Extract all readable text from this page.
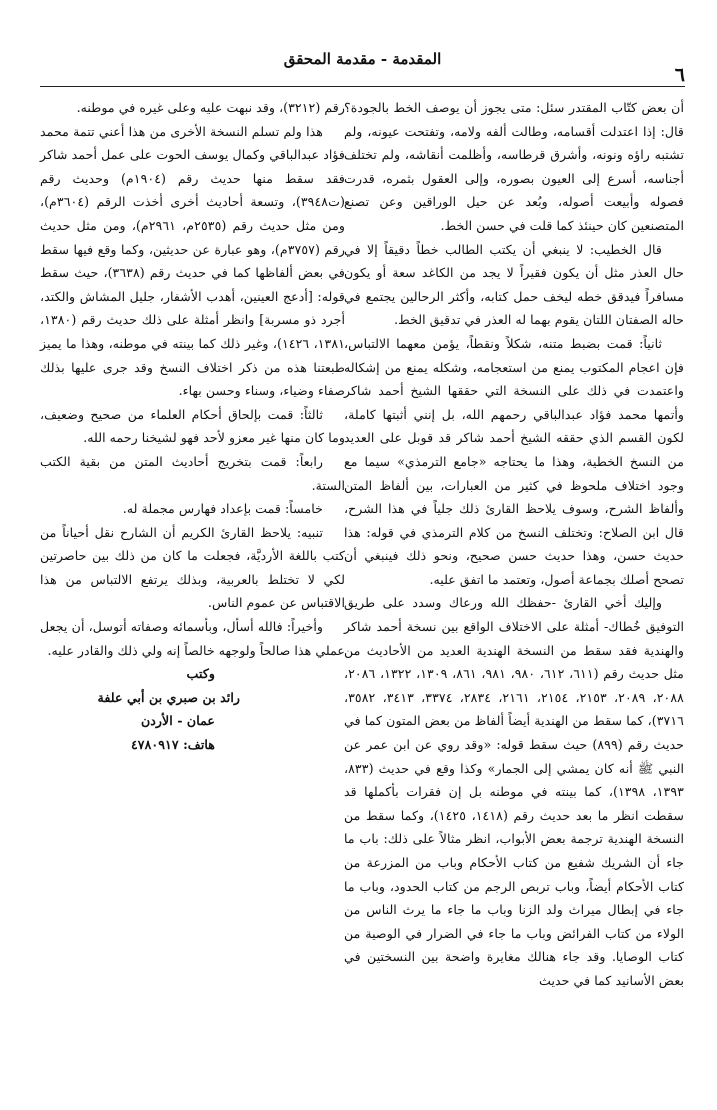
المقدمة - مقدمة المحقق
٦

أن بعض كتّاب المقتدر سئل: متى يجوز أن يوصف الخط بالجودة؟ قال: إذا اعتدلت أقسامه، وطالت ألفه ولامه، وتفتحت عيونه، ولم تشتبه راؤه ونونه، وأشرق قرطاسه، وأظلمت أنقاشه، ولم تختلف أجناسه، أسرع إلى العيون بصوره، وإلى العقول بثمره، قدرت فصوله وأبيعت أصوله، وبُعد عن حيل الوراقين وعن تصنع المتصنعين كان حينئذ كما قلت في حسن الخط.

قال الخطيب: لا ينبغي أن يكتب الطالب خطاً دقيقاً إلا في حال العذر مثل أن يكون فقيراً لا يجد من الكاغد سعة أو يكون مسافراً فيدقق خطه ليخف حمل كتابه، وأكثر الرحالين يجتمع في حاله الصفتان اللتان يقوم بهما له العذر في تدقيق الخط.

ثانياً: قمت بضبط متنه، شكلاً ونقطاً، يؤمن معهما الالتباس، فإن اعجام المكتوب يمنع من استعجامه، وشكله يمنع من إشكاله واعتمدت في ذلك على النسخة التي حققها الشيخ أحمد شاكر وأتمها محمد فؤاد عبدالباقي رحمهم الله، بل إنني أثبتها كاملة، لكون القسم الذي حققه الشيخ أحمد شاكر قد قوبل على العديد من النسخ الخطية، وهذا ما يحتاجه «جامع الترمذي» سيما مع وجود اختلاف ملحوظ في كثير من العبارات، بين ألفاظ المتن وألفاظ الشرح، وسوف يلاحظ القارئ ذلك جلياً في هذا الشرح، قال ابن الصلاح: وتختلف النسخ من كلام الترمذي في قوله: هذا حديث حسن، وهذا حديث حسن صحيح، ونحو ذلك فينبغي أن تصحح أصلك بجماعة أصول، وتعتمد ما اتفق عليه.

وإليك أخي القارئ -حفظك الله ورعاك وسدد على طريق التوفيق خُطاك- أمثلة على الاختلاف الواقع بين نسخة أحمد شاكر والهندية فقد سقط من النسخة الهندية العديد من الأحاديث من مثل حديث رقم (٦١١، ٦١٢، ٩٨٠، ٩٨١، ٨٦١، ١٣٠٩، ١٣٢٢، ٢٠٨٦، ٢٠٨٨، ٢٠٨٩، ٢١٥٣، ٢١٥٤، ٢١٦١، ٢٨٣٤، ٣٣٧٤، ٣٤١٣، ٣٥٨٢، ٣٧١٦)، كما سقط من الهندية أيضاً ألفاظ من بعض المتون كما في حديث رقم (٨٩٩) حيث سقط قوله: «وقد روي عن ابن عمر عن النبي ﷺ أنه كان يمشي إلى الجمار» وكذا وقع في حديث (٨٣٣، ١٣٩٣، ١٣٩٨)، كما بينته في موطنه بل إن فقرات بأكملها قد سقطت انظر ما بعد حديث رقم (١٤١٨، ١٤٢٥)، وكما سقط من النسخة الهندية ترجمة بعض الأبواب، انظر مثالاً على ذلك: باب ما جاء أن الشريك شفيع من كتاب الأحكام وباب من المزرعة من كتاب الأحكام أيضاً، وباب تربص الرجم من كتاب الحدود، وباب ما جاء في إبطال ميراث ولد الزنا وباب ما جاء ما يرث الناس من الولاء من كتاب الفرائض وباب ما جاء في الضرار في الوصية من كتاب الوصايا. وقد جاء هنالك مغايرة واضحة بين النسختين في بعض الأسانيد كما في حديث

رقم (٣٢١٢)، وقد نبهت عليه وعلى غيره في موطنه.

هذا ولم تسلم النسخة الأخرى من هذا أعني تتمة محمد فؤاد عبدالباقي وكمال يوسف الحوت على عمل أحمد شاكر فقد سقط منها حديث رقم (١٩٠٤م) وحديث رقم (ت٣٩٤٨)، وتسعة أحاديث أخرى أخذت الرقم (٣٦٠٤م)، ومن مثل حديث رقم (٢٥٣٥م، ٢٩٦١م)، ومن مثل حديث رقم (٣٧٥٧م)، وهو عبارة عن حديثين، وكما وقع فيها سقط في بعض ألفاظها كما في حديث رقم (٣٦٣٨)، حيث سقط قوله: [أدعج العينين، أهدب الأشفار، جليل المشاش والكتد، أجرد ذو مسربة] وانظر أمثلة على ذلك حديث رقم (١٣٨٠، ١٣٨١، ١٤٢٦)، وغير ذلك كما بينته في موطنه، وهذا ما يميز طبعتنا هذه من ذكر اختلاف النسخ وقد جرى عليها بذلك صفاء وضياء، وسناء وحسن بهاء.

ثالثاً: قمت بإلحاق أحكام العلماء من صحيح وضعيف، وما كان منها غير معزو لأحد فهو لشيخنا رحمه الله.

رابعاً: قمت بتخريج أحاديث المتن من بقية الكتب الستة.

خامساً: قمت بإعداد فهارس مجملة له.

تنبيه: يلاحظ القارئ الكريم أن الشارح نقل أحياناً من كتب باللغة الأرديَّة، فجعلت ما كان من ذلك بين حاصرتين لكي لا تختلط بالعربية، وبذلك يرتفع الالتباس من هذا الاقتباس عن عموم الناس.

وأخيراً: فالله أسأل، وبأسمائه وصفاته أتوسل، أن يجعل عملي هذا صالحاً ولوجهه خالصاً إنه ولي ذلك والقادر عليه.

وكتب
رائد بن صبري بن أبي علفة
عمان - الأردن
هاتف: ٤٧٨٠٩١٧
